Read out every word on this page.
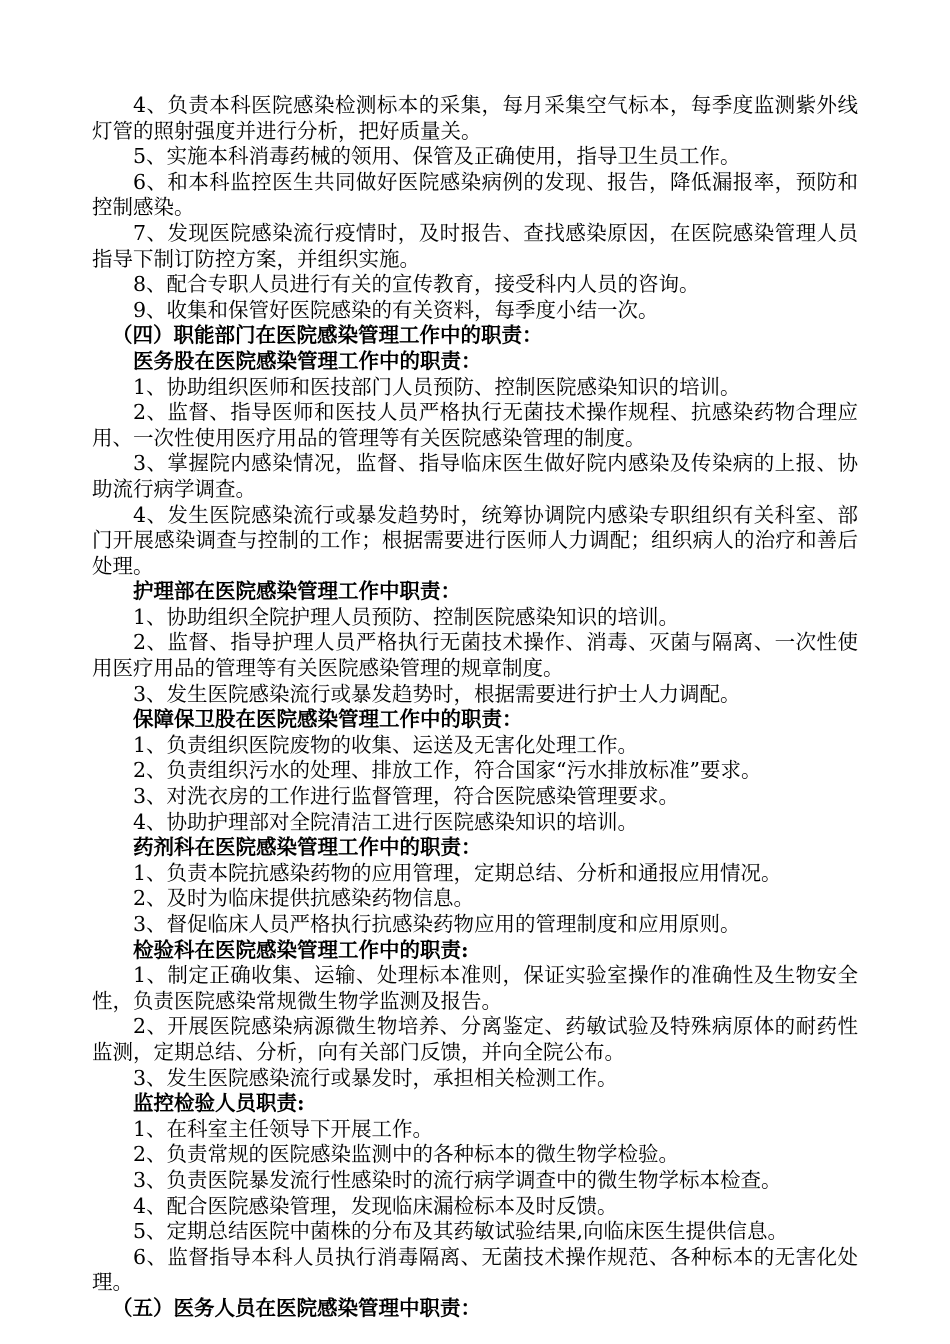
4、负责本科医院感染检测标本的采集，每月采集空气标本，每季度监测紫外线灯管的照射强度并进行分析，把好质量关。
5、实施本科消毒药械的领用、保管及正确使用，指导卫生员工作。
6、和本科监控医生共同做好医院感染病例的发现、报告，降低漏报率，预防和控制感染。
7、发现医院感染流行疫情时，及时报告、查找感染原因，在医院感染管理人员指导下制订防控方案，并组织实施。
8、配合专职人员进行有关的宣传教育，接受科内人员的咨询。
9、收集和保管好医院感染的有关资料，每季度小结一次。
（四）职能部门在医院感染管理工作中的职责：
医务股在医院感染管理工作中的职责：
1、协助组织医师和医技部门人员预防、控制医院感染知识的培训。
2、监督、指导医师和医技人员严格执行无菌技术操作规程、抗感染药物合理应用、一次性使用医疗用品的管理等有关医院感染管理的制度。
3、掌握院内感染情况，监督、指导临床医生做好院内感染及传染病的上报、协助流行病学调查。
4、发生医院感染流行或暴发趋势时，统筹协调院内感染专职组织有关科室、部门开展感染调查与控制的工作；根据需要进行医师人力调配；组织病人的治疗和善后处理。
护理部在医院感染管理工作中职责：
1、协助组织全院护理人员预防、控制医院感染知识的培训。
2、监督、指导护理人员严格执行无菌技术操作、消毒、灭菌与隔离、一次性使用医疗用品的管理等有关医院感染管理的规章制度。
3、发生医院感染流行或暴发趋势时，根据需要进行护士人力调配。
保障保卫股在医院感染管理工作中的职责：
1、负责组织医院废物的收集、运送及无害化处理工作。
2、负责组织污水的处理、排放工作，符合国家“污水排放标准”要求。
3、对洗衣房的工作进行监督管理，符合医院感染管理要求。
4、协助护理部对全院清洁工进行医院感染知识的培训。
药剂科在医院感染管理工作中的职责：
1、负责本院抗感染药物的应用管理，定期总结、分析和通报应用情况。
2、及时为临床提供抗感染药物信息。
3、督促临床人员严格执行抗感染药物应用的管理制度和应用原则。
检验科在医院感染管理工作中的职责:
1、制定正确收集、运输、处理标本准则，保证实验室操作的准确性及生物安全性，负责医院感染常规微生物学监测及报告。
2、开展医院感染病源微生物培养、分离鉴定、药敏试验及特殊病原体的耐药性监测，定期总结、分析，向有关部门反馈，并向全院公布。
3、发生医院感染流行或暴发时，承担相关检测工作。
监控检验人员职责:
1、在科室主任领导下开展工作。
2、负责常规的医院感染监测中的各种标本的微生物学检验。
3、负责医院暴发流行性感染时的流行病学调查中的微生物学标本检查。
4、配合医院感染管理，发现临床漏检标本及时反馈。
5、定期总结医院中菌株的分布及其药敏试验结果,向临床医生提供信息。
6、监督指导本科人员执行消毒隔离、无菌技术操作规范、各种标本的无害化处理。
（五）医务人员在医院感染管理中职责：
